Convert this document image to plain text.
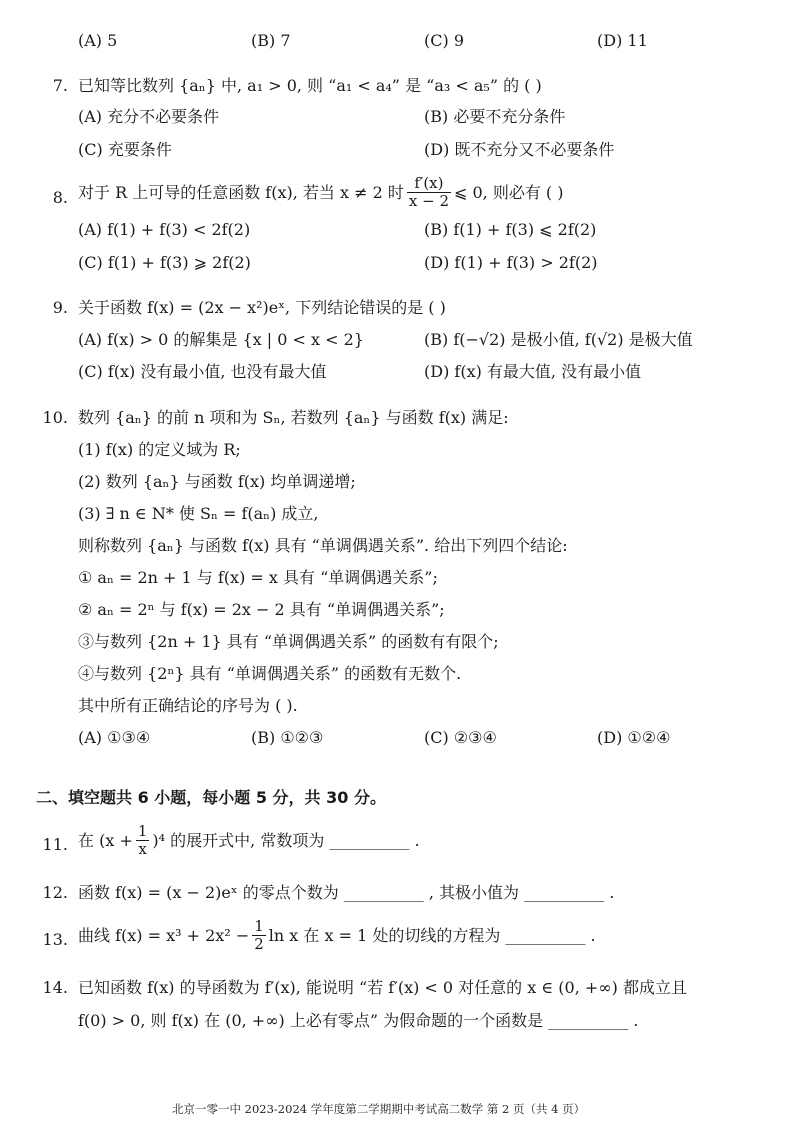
(A) 5	(B) 7	(C) 9	(D) 11
7. 已知等比数列 {aₙ} 中, a₁ > 0, 则 “a₁ < a₄” 是 “a₃ < a₅” 的 ( )
(A) 充分不必要条件	(B) 必要不充分条件
(C) 充要条件	(D) 既不充分又不必要条件
8. 对于 R 上可导的任意函数 f(x), 若当 x ≠ 2 时 $\frac{f'(x)}{x - 2}$ ⩽ 0, 则必有 ( )
(A) f(1) + f(3) < 2f(2)	(B) f(1) + f(3) ⩽ 2f(2)
(C) f(1) + f(3) ⩾ 2f(2)	(D) f(1) + f(3) > 2f(2)
9. 关于函数 f(x) = (2x − x²)eˣ, 下列结论错误的是 ( )
(A) f(x) > 0 的解集是 {x | 0 < x < 2}	(B) f(−√2) 是极小值, f(√2) 是极大值
(C) f(x) 没有最小值, 也没有最大值	(D) f(x) 有最大值, 没有最小值
10. 数列 {aₙ} 的前 n 项和为 Sₙ, 若数列 {aₙ} 与函数 f(x) 满足:
(1) f(x) 的定义域为 R;
(2) 数列 {aₙ} 与函数 f(x) 均单调递增;
(3) ∃ n ∈ N* 使 Sₙ = f(aₙ) 成立,
则称数列 {aₙ} 与函数 f(x) 具有 “单调偶遇关系”. 给出下列四个结论:
① aₙ = 2n + 1 与 f(x) = x 具有 “单调偶遇关系”;
② aₙ = 2ⁿ 与 f(x) = 2x − 2 具有 “单调偶遇关系”;
③与数列 {2n + 1} 具有 “单调偶遇关系” 的函数有有限个;
④与数列 {2ⁿ} 具有 “单调偶遇关系” 的函数有无数个.
其中所有正确结论的序号为 ( ).
(A) ①③④	(B) ①②③	(C) ②③④	(D) ①②④
二、填空题共 6 小题，每小题 5 分，共 30 分。
11. 在 $(x + \frac{1}{x} )^4$ 的展开式中, 常数项为 __________ .
12. 函数 f(x) = (x − 2)eˣ 的零点个数为 __________ , 其极小值为 __________ .
13. 曲线 $f(x) = x^3 + 2x^2 - \frac{1}{2}$ ln x 在 x = 1 处的切线的方程为 __________ .
14. 已知函数 f(x) 的导函数为 f′(x), 能说明 “若 f′(x) < 0 对任意的 x ∈ (0, +∞) 都成立且
f(0) > 0, 则 f(x) 在 (0, +∞) 上必有零点” 为假命题的一个函数是 __________ .
北京一零一中 2023-2024 学年度第二学期期中考试高二数学 第 2 页（共 4 页）
